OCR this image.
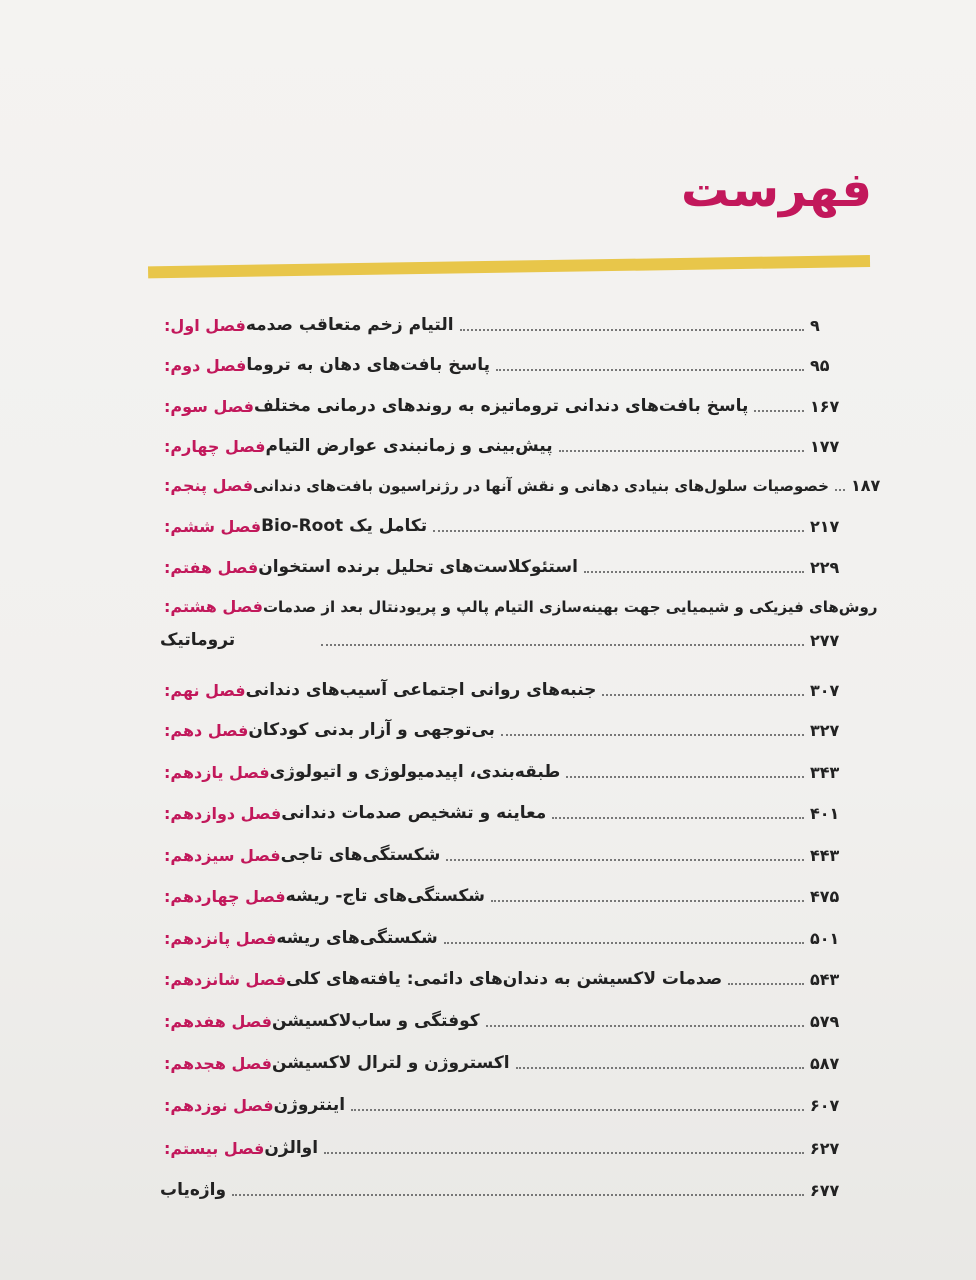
فهرست
فصل اول: التیام زخم متعاقب صدمه	۹
فصل دوم: پاسخ بافت‌های دهان به تروما	۹۵
فصل سوم: پاسخ بافت‌های دندانی تروماتیزه به روندهای درمانی مختلف	۱۶۷
فصل چهارم: پیش‌بینی و زمانبندی عوارض التیام	۱۷۷
فصل پنجم: خصوصیات سلول‌های بنیادی دهانی و نقش آنها در رژنراسیون بافت‌های دندانی ۱۸۷
فصل ششم: تکامل یک Bio-Root	۲۱۷
فصل هفتم: استئوکلاست‌های تحلیل برنده استخوان	۲۲۹
فصل هشتم: روش‌های فیزیکی و شیمیایی جهت بهینه‌سازی التیام پالپ و پریودنتال بعد از صدمات
تروماتیک	۲۷۷
فصل نهم: جنبه‌های روانی اجتماعی آسیب‌های دندانی	۳۰۷
فصل دهم: بی‌توجهی و آزار بدنی کودکان	۳۲۷
فصل یازدهم: طبقه‌بندی، اپیدمیولوژی و اتیولوژی	۳۴۳
فصل دوازدهم: معاینه و تشخیص صدمات دندانی	۴۰۱
فصل سیزدهم: شکستگی‌های تاجی	۴۴۳
فصل چهاردهم: شکستگی‌های تاج- ریشه	۴۷۵
فصل پانزدهم: شکستگی‌های ریشه	۵۰۱
فصل شانزدهم: صدمات لاکسیشن به دندان‌های دائمی: یافته‌های کلی	۵۴۳
فصل هفدهم: کوفتگی و ساب‌لاکسیشن	۵۷۹
فصل هجدهم: اکستروژن و لترال لاکسیشن	۵۸۷
فصل نوزدهم: اینتروژن	۶۰۷
فصل بیستم: اوالژن	۶۲۷
واژه‌یاب	۶۷۷
